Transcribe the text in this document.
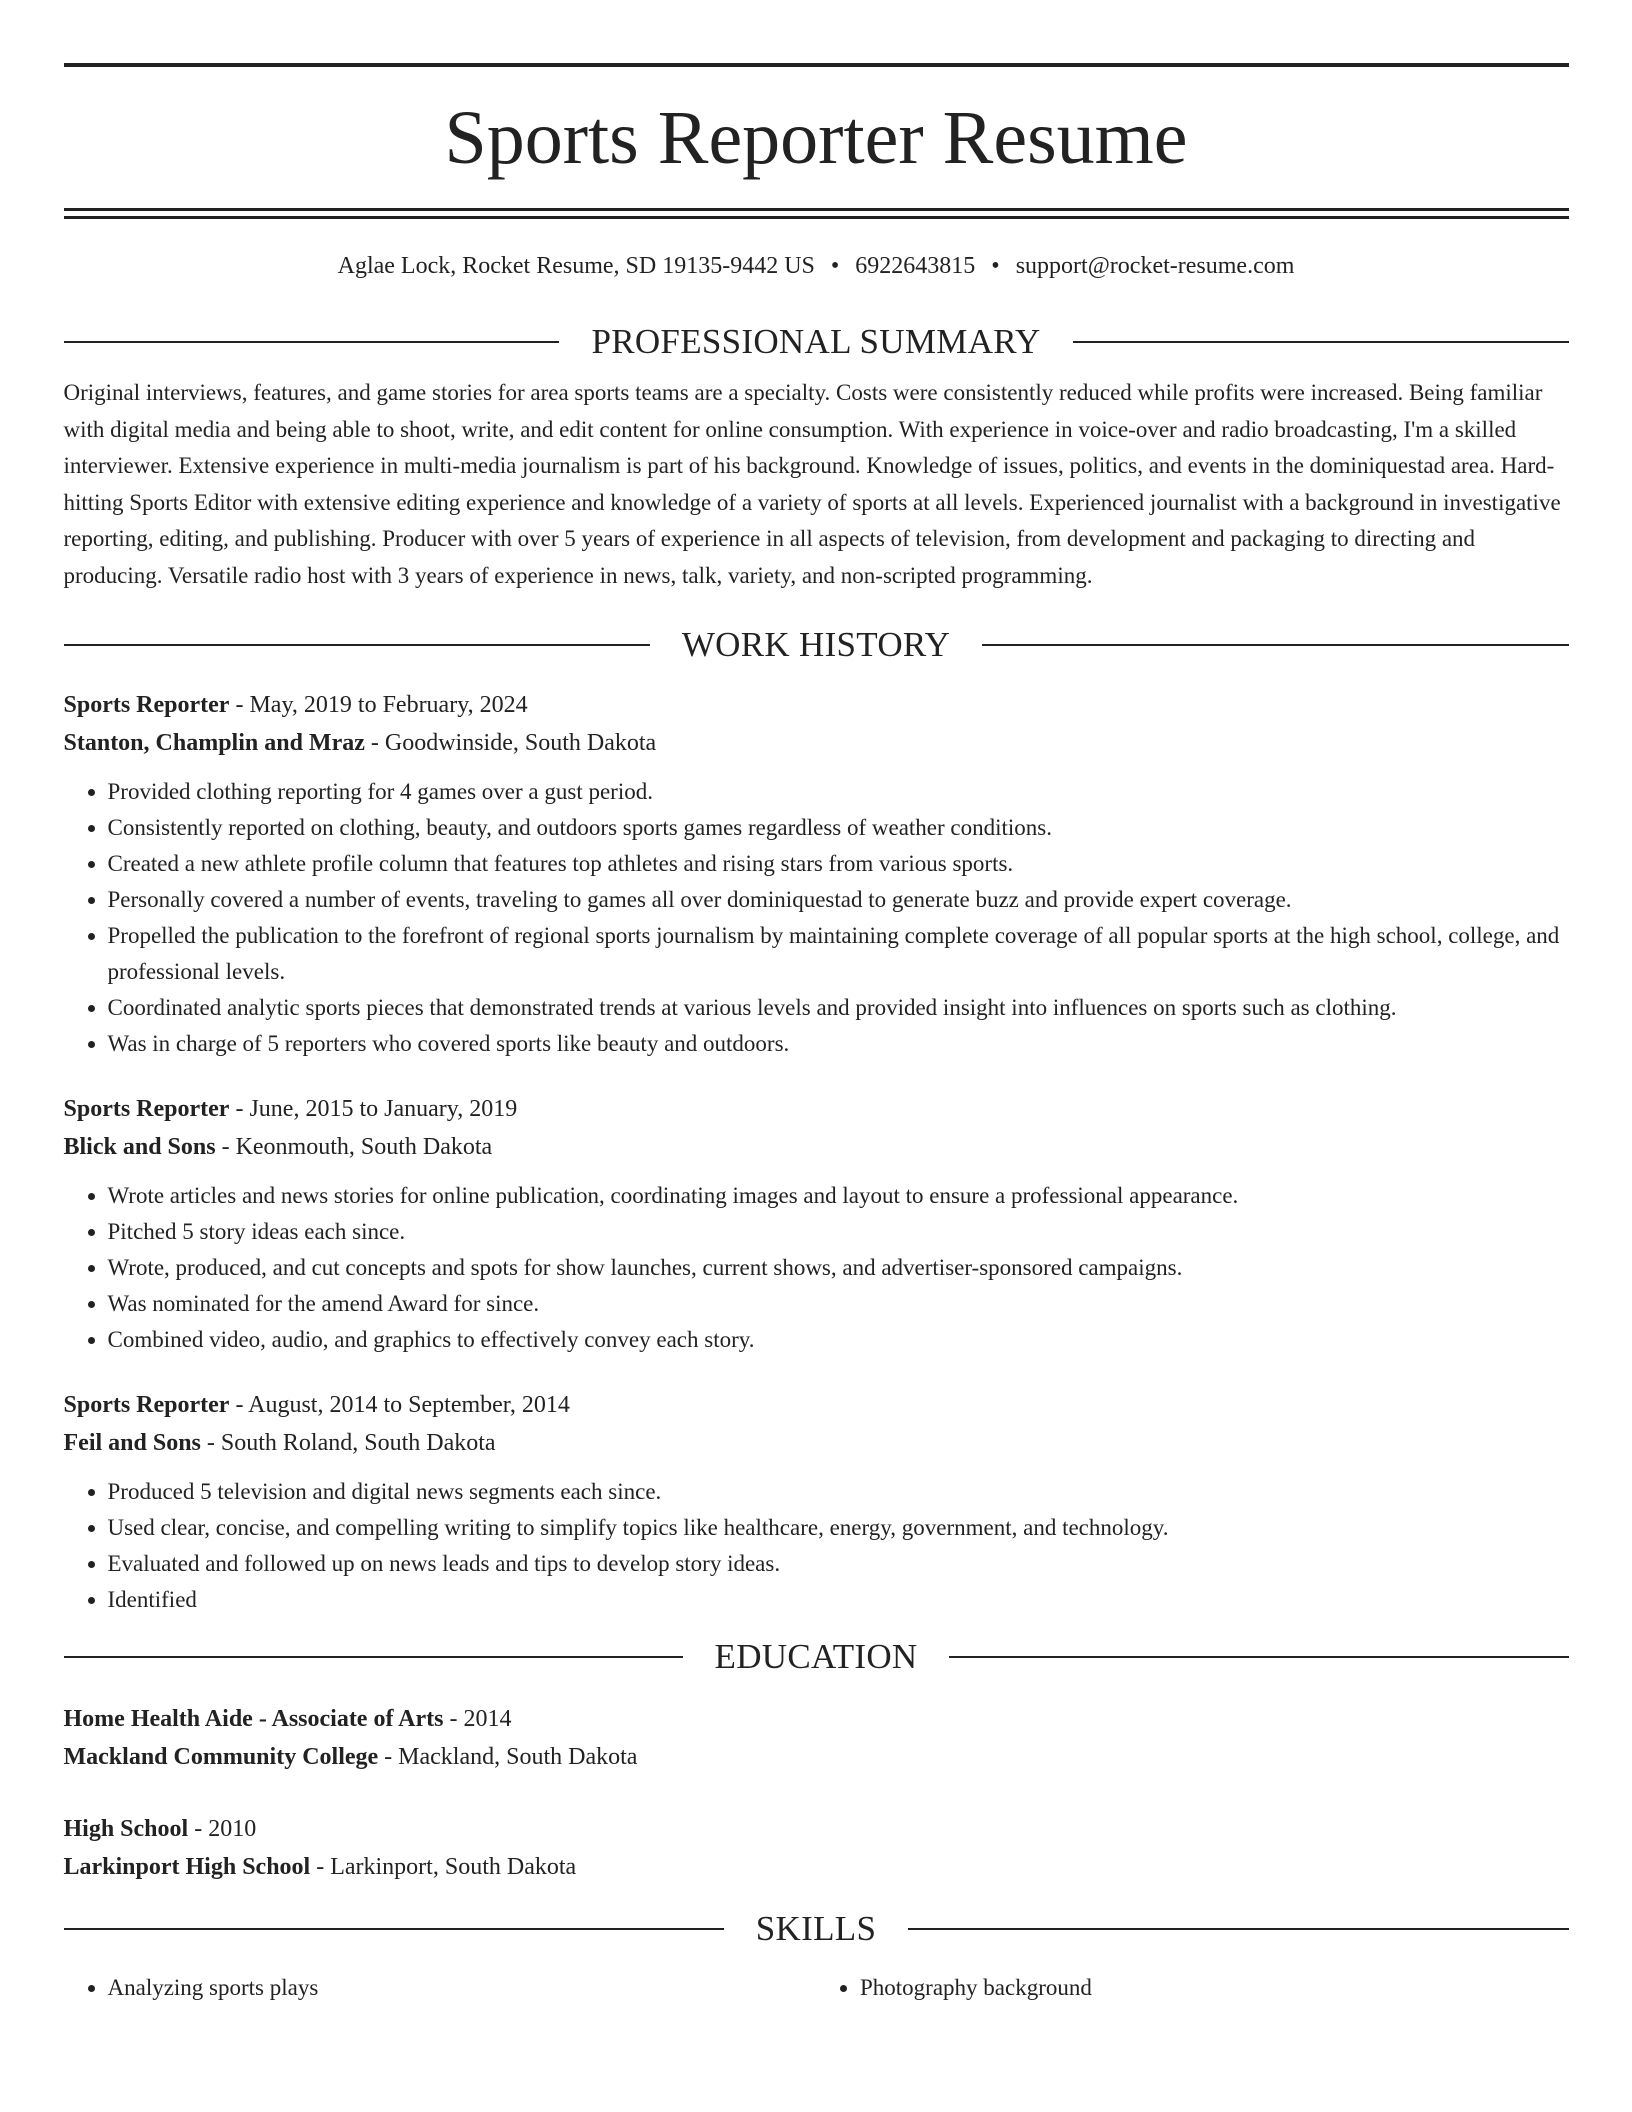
Sports Reporter Resume
Aglae Lock, Rocket Resume, SD 19135-9442 US • 6922643815 • support@rocket-resume.com
PROFESSIONAL SUMMARY

Original interviews, features, and game stories for area sports teams are a specialty. Costs were consistently reduced while profits were increased. Being familiar with digital media and being able to shoot, write, and edit content for online consumption. With experience in voice-over and radio broadcasting, I'm a skilled interviewer. Extensive experience in multi-media journalism is part of his background. Knowledge of issues, politics, and events in the dominiquestad area. Hard-hitting Sports Editor with extensive editing experience and knowledge of a variety of sports at all levels. Experienced journalist with a background in investigative reporting, editing, and publishing. Producer with over 5 years of experience in all aspects of television, from development and packaging to directing and producing. Versatile radio host with 3 years of experience in news, talk, variety, and non-scripted programming.

WORK HISTORY
Sports Reporter - May, 2019 to February, 2024
Stanton, Champlin and Mraz - Goodwinside, South Dakota
• Provided clothing reporting for 4 games over a gust period.
• Consistently reported on clothing, beauty, and outdoors sports games regardless of weather conditions.
• Created a new athlete profile column that features top athletes and rising stars from various sports.
• Personally covered a number of events, traveling to games all over dominiquestad to generate buzz and provide expert coverage.
• Propelled the publication to the forefront of regional sports journalism by maintaining complete coverage of all popular sports at the high school, college, and professional levels.
• Coordinated analytic sports pieces that demonstrated trends at various levels and provided insight into influences on sports such as clothing.
• Was in charge of 5 reporters who covered sports like beauty and outdoors.
Sports Reporter - June, 2015 to January, 2019
Blick and Sons - Keonmouth, South Dakota
• Wrote articles and news stories for online publication, coordinating images and layout to ensure a professional appearance.
• Pitched 5 story ideas each since.
• Wrote, produced, and cut concepts and spots for show launches, current shows, and advertiser-sponsored campaigns.
• Was nominated for the amend Award for since.
• Combined video, audio, and graphics to effectively convey each story.
Sports Reporter - August, 2014 to September, 2014
Feil and Sons - South Roland, South Dakota
• Produced 5 television and digital news segments each since.
• Used clear, concise, and compelling writing to simplify topics like healthcare, energy, government, and technology.
• Evaluated and followed up on news leads and tips to develop story ideas.
• Identified
EDUCATION
Home Health Aide - Associate of Arts - 2014
Mackland Community College - Mackland, South Dakota
High School - 2010
Larkinport High School - Larkinport, South Dakota
SKILLS
• Analyzing sports plays
•	Photography background
